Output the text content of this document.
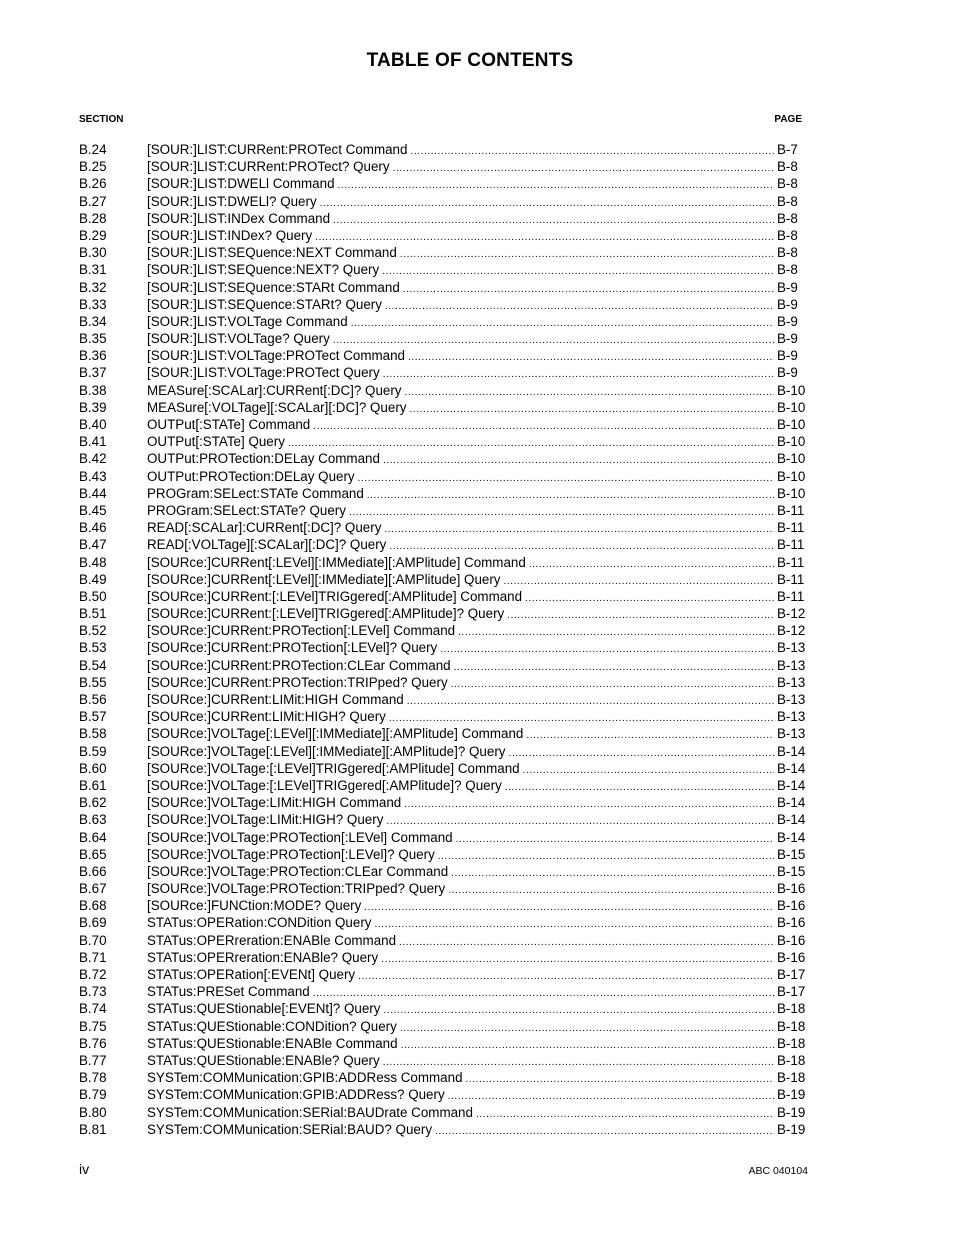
TABLE OF CONTENTS
SECTION	PAGE
B.24	[SOUR:]LIST:CURRent:PROTect Command .....	B-7
B.25	[SOUR:]LIST:CURRent:PROTect? Query .....	B-8
B.26	[SOUR:]LIST:DWELl Command .....	B-8
B.27	[SOUR:]LIST:DWELl? Query .....	B-8
B.28	[SOUR:]LIST:INDex Command .....	B-8
B.29	[SOUR:]LIST:INDex? Query .....	B-8
B.30	[SOUR:]LIST:SEQuence:NEXT Command .....	B-8
B.31	[SOUR:]LIST:SEQuence:NEXT? Query .....	B-8
B.32	[SOUR:]LIST:SEQuence:STARt Command .....	B-9
B.33	[SOUR:]LIST:SEQuence:STARt? Query .....	B-9
B.34	[SOUR:]LIST:VOLTage Command .....	B-9
B.35	[SOUR:]LIST:VOLTage? Query .....	B-9
B.36	[SOUR:]LIST:VOLTage:PROTect Command .....	B-9
B.37	[SOUR:]LIST:VOLTage:PROTect Query .....	B-9
B.38	MEASure[:SCALar]:CURRent[:DC]? Query .....	B-10
B.39	MEASure[:VOLTage][:SCALar][:DC]? Query .....	B-10
B.40	OUTPut[:STATe] Command .....	B-10
B.41	OUTPut[:STATe] Query .....	B-10
B.42	OUTPut:PROTection:DELay Command .....	B-10
B.43	OUTPut:PROTection:DELay Query .....	B-10
B.44	PROGram:SELect:STATe Command .....	B-10
B.45	PROGram:SELect:STATe? Query .....	B-11
B.46	READ[:SCALar]:CURRent[:DC]? Query .....	B-11
B.47	READ[:VOLTage][:SCALar][:DC]? Query .....	B-11
B.48	[SOURce:]CURRent[:LEVel][:IMMediate][:AMPlitude] Command .....	B-11
B.49	[SOURce:]CURRent[:LEVel][:IMMediate][:AMPlitude] Query .....	B-11
B.50	[SOURce:]CURRent:[:LEVel]TRIGgered[:AMPlitude] Command .....	B-11
B.51	[SOURce:]CURRent:[:LEVel]TRIGgered[:AMPlitude]? Query .....	B-12
B.52	[SOURce:]CURRent:PROTection[:LEVel] Command .....	B-12
B.53	[SOURce:]CURRent:PROTection[:LEVel]? Query .....	B-13
B.54	[SOURce:]CURRent:PROTection:CLEar Command .....	B-13
B.55	[SOURce:]CURRent:PROTection:TRIPped? Query .....	B-13
B.56	[SOURce:]CURRent:LIMit:HIGH Command .....	B-13
B.57	[SOURce:]CURRent:LIMit:HIGH? Query .....	B-13
B.58	[SOURce:]VOLTage[:LEVel][:IMMediate][:AMPlitude] Command .....	B-13
B.59	[SOURce:]VOLTage[:LEVel][:IMMediate][:AMPlitude]? Query .....	B-14
B.60	[SOURce:]VOLTage:[:LEVel]TRIGgered[:AMPlitude] Command .....	B-14
B.61	[SOURce:]VOLTage:[:LEVel]TRIGgered[:AMPlitude]? Query .....	B-14
B.62	[SOURce:]VOLTage:LIMit:HIGH Command .....	B-14
B.63	[SOURce:]VOLTage:LIMit:HIGH? Query .....	B-14
B.64	[SOURce:]VOLTage:PROTection[:LEVel] Command .....	B-14
B.65	[SOURce:]VOLTage:PROTection[:LEVel]? Query .....	B-15
B.66	[SOURce:]VOLTage:PROTection:CLEar Command .....	B-15
B.67	[SOURce:]VOLTage:PROTection:TRIPped? Query .....	B-16
B.68	[SOURce:]FUNCtion:MODE? Query .....	B-16
B.69	STATus:OPERation:CONDition Query .....	B-16
B.70	STATus:OPERreration:ENABle Command .....	B-16
B.71	STATus:OPERreration:ENABle? Query .....	B-16
B.72	STATus:OPERation[:EVENt] Query .....	B-17
B.73	STATus:PRESet Command .....	B-17
B.74	STATus:QUEStionable[:EVENt]? Query .....	B-18
B.75	STATus:QUEStionable:CONDition? Query .....	B-18
B.76	STATus:QUEStionable:ENABle Command .....	B-18
B.77	STATus:QUEStionable:ENABle? Query .....	B-18
B.78	SYSTem:COMMunication:GPIB:ADDRess Command .....	B-18
B.79	SYSTem:COMMunication:GPIB:ADDRess? Query .....	B-19
B.80	SYSTem:COMMunication:SERial:BAUDrate Command .....	B-19
B.81	SYSTem:COMMunication:SERial:BAUD? Query .....	B-19
iv	ABC 040104
